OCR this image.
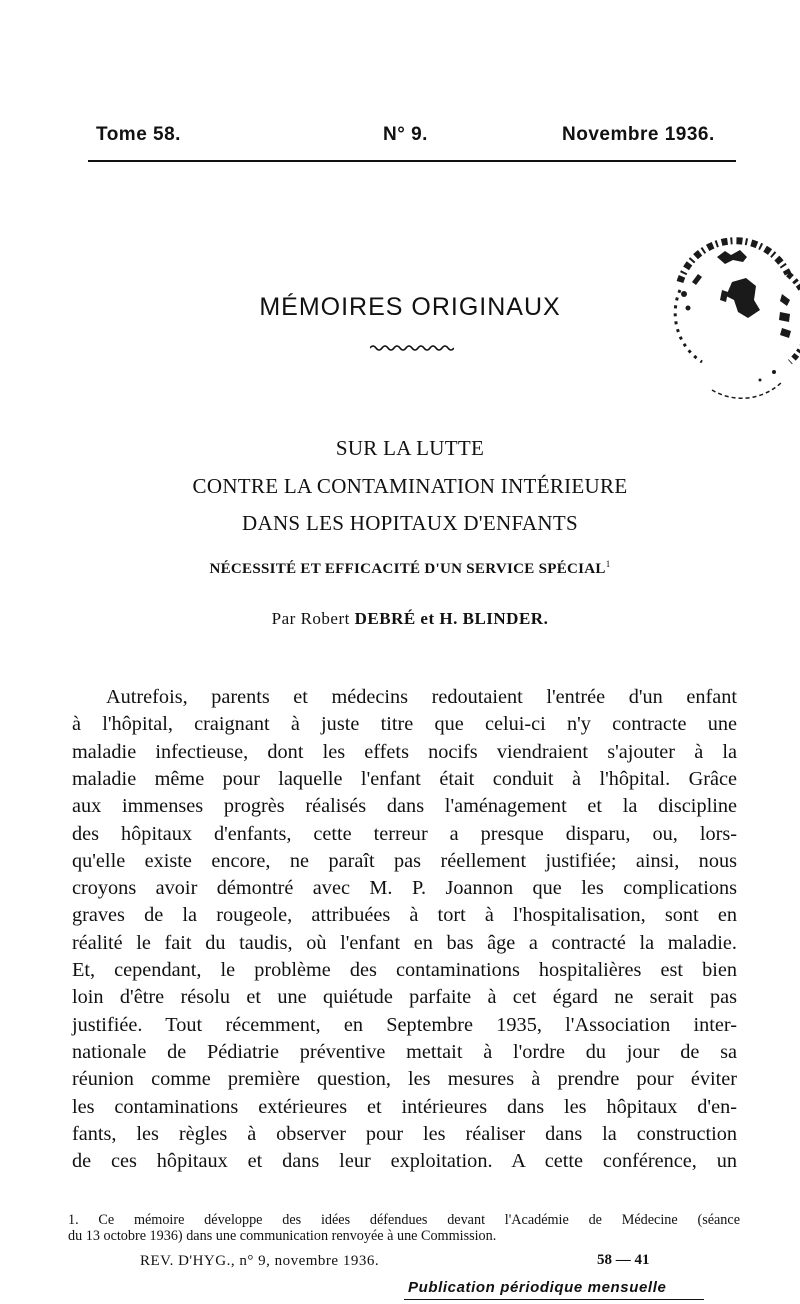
Tome 58.	N° 9.	Novembre 1936.
MÉMOIRES ORIGINAUX
SUR LA LUTTE
CONTRE LA CONTAMINATION INTÉRIEURE
DANS LES HOPITAUX D'ENFANTS
NÉCESSITÉ ET EFFICACITÉ D'UN SERVICE SPÉCIAL$^1$
Par Robert DEBRÉ et H. BLINDER.
Autrefois, parents et médecins redoutaient l'entrée d'un enfant
à l'hôpital, craignant à juste titre que celui-ci n'y contracte une
maladie infectieuse, dont les effets nocifs viendraient s'ajouter à la
maladie même pour laquelle l'enfant était conduit à l'hôpital. Grâce
aux immenses progrès réalisés dans l'aménagement et la discipline
des hôpitaux d'enfants, cette terreur a presque disparu, ou, lors-
qu'elle existe encore, ne paraît pas réellement justifiée; ainsi, nous
croyons avoir démontré avec M. P. Joannon que les complications
graves de la rougeole, attribuées à tort à l'hospitalisation, sont en
réalité le fait du taudis, où l'enfant en bas âge a contracté la maladie.
Et, cependant, le problème des contaminations hospitalières est bien
loin d'être résolu et une quiétude parfaite à cet égard ne serait pas
justifiée. Tout récemment, en Septembre 1935, l'Association inter-
nationale de Pédiatrie préventive mettait à l'ordre du jour de sa
réunion comme première question, les mesures à prendre pour éviter
les contaminations extérieures et intérieures dans les hôpitaux d'en-
fants, les règles à observer pour les réaliser dans la construction
de ces hôpitaux et dans leur exploitation. A cette conférence, un
1. Ce mémoire développe des idées défendues devant l'Académie de Médecine (séance
du 13 octobre 1936) dans une communication renvoyée à une Commission.
REV. D'HYG., n° 9, novembre 1936.	58 — 41
Publication périodique mensuelle
